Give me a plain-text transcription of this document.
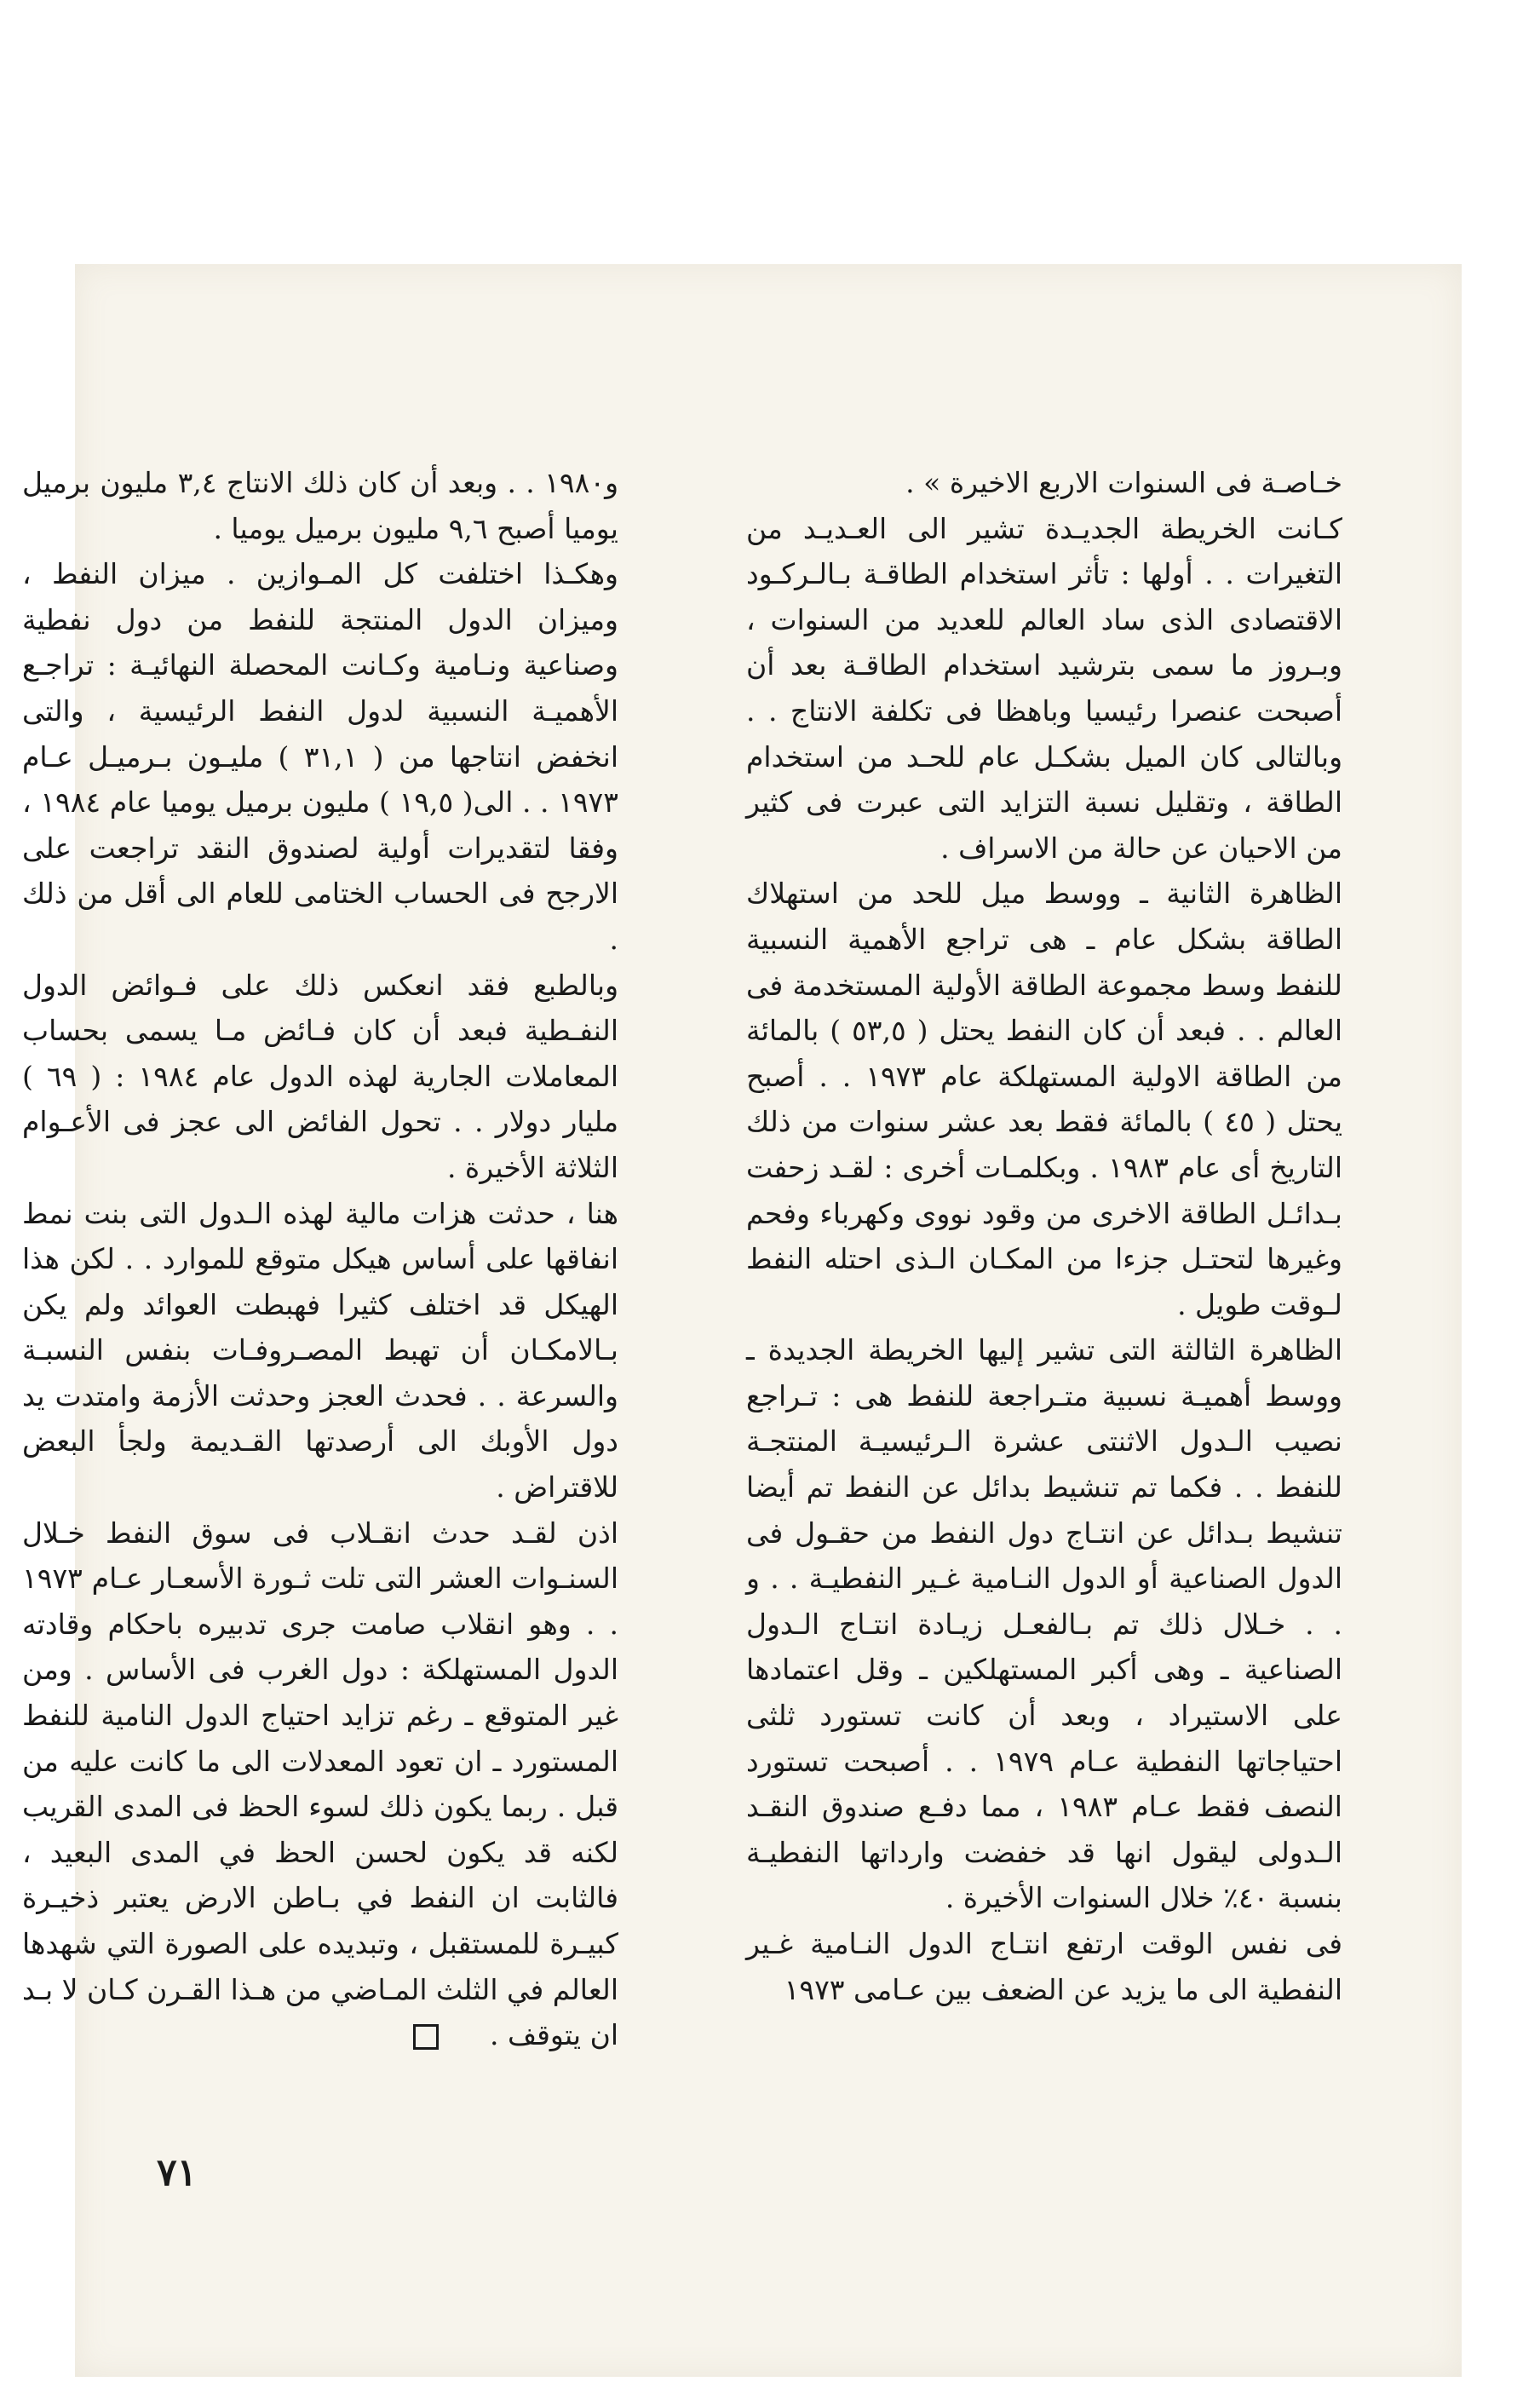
خـاصـة فى السنوات الاربع الاخيرة » .

كـانت الخريطة الجديـدة تشير الى العـديـد من التغيرات . . أولها : تأثر استخدام الطاقـة بـالـركـود الاقتصادى الذى ساد العالم للعديد من السنوات ، وبـروز ما سمى بترشيد استخدام الطاقـة بعد أن أصبحت عنصرا رئيسيا وباهظا فى تكلفة الانتاج . . وبالتالى كان الميل بشكـل عام للحـد من استخدام الطاقة ، وتقليل نسبة التزايد التى عبرت فى كثير من الاحيان عن حالة من الاسراف .

الظاهرة الثانية ـ ووسط ميل للحد من استهلاك الطاقة بشكل عام ـ هى تراجع الأهمية النسبية للنفط وسط مجموعة الطاقة الأولية المستخدمة فى العالم . . فبعد أن كان النفط يحتل ( ٥٣,٥ ) بالمائة من الطاقة الاولية المستهلكة عام ١٩٧٣ . . أصبح يحتل ( ٤٥ ) بالمائة فقط بعد عشر سنوات من ذلك التاريخ أى عام ١٩٨٣ . وبكلمـات أخرى : لقـد زحفت بـدائـل الطاقة الاخرى من وقود نووى وكهرباء وفحم وغيرها لتحتـل جزءا من المكـان الـذى احتله النفط لـوقت طويل .

الظاهرة الثالثة التى تشير إليها الخريطة الجديدة ـ ووسط أهميـة نسبية متـراجعة للنفط هى : تـراجع نصيب الـدول الاثنتى عشرة الـرئيسيـة المنتجـة للنفط . . فكما تم تنشيط بدائل عن النفط تم أيضا تنشيط بـدائل عن انتـاج دول النفط من حقـول فى الدول الصناعية أو الدول النـامية غـير النفطيـة . . و . . خـلال ذلك تم بـالفعـل زيـادة انتـاج الـدول الصناعية ـ وهى أكبر المستهلكين ـ وقل اعتمادها على الاستيراد ، وبعد أن كانت تستورد ثلثى احتياجاتها النفطية عـام ١٩٧٩ . . أصبحت تستورد النصف فقط عـام ١٩٨٣ ، مما دفـع صندوق النقـد الـدولى ليقول انها قد خفضت وارداتها النفطيـة بنسبة ٤٠٪ خلال السنوات الأخيرة .

فى نفس الوقت ارتفع انتـاج الدول النـامية غـير النفطية الى ما يزيد عن الضعف بين عـامى ١٩٧٣

و١٩٨٠ . . وبعد أن كان ذلك الانتاج ٣,٤ مليون برميل يوميا أصبح ٩,٦ مليون برميل يوميا .

وهكـذا اختلفت كل المـوازين . ميزان النفط ، وميزان الدول المنتجة للنفط من دول نفطية وصناعية ونـامية وكـانت المحصلة النهائيـة : تراجـع الأهميـة النسبية لدول النفط الرئيسية ، والتى انخفض انتاجها من ( ٣١,١ ) مليـون بـرميـل عـام ١٩٧٣ . . الى( ١٩,٥ ) مليون برميل يوميا عام ١٩٨٤ ، وفقا لتقديرات أولية لصندوق النقد تراجعت على الارجح فى الحساب الختامى للعام الى أقل من ذلك .

وبالطبع فقد انعكس ذلك على فـوائض الدول النفـطية فبعد أن كان فـائض مـا يسمى بحساب المعاملات الجارية لهذه الدول عام ١٩٨٤ : ( ٦٩ ) مليار دولار . . تحول الفائض الى عجز فى الأعـوام الثلاثة الأخيرة .

هنا ، حدثت هزات مالية لهذه الـدول التى بنت نمط انفاقها على أساس هيكل متوقع للموارد . . لكن هذا الهيكل قد اختلف كثيرا فهبطت العوائد ولم يكن بـالامكـان أن تهبط المصـروفـات بنفس النسبـة والسرعة . . فحدث العجز وحدثت الأزمة وامتدت يد دول الأوبك الى أرصدتها القـديمة ولجأ البعض للاقتراض .

اذن لقـد حدث انقـلاب فى سوق النفط خـلال السنـوات العشر التى تلت ثـورة الأسعـار عـام ١٩٧٣ . . وهو انقلاب صامت جرى تدبيره باحكام وقادته الدول المستهلكة : دول الغرب فى الأساس . ومن غير المتوقع ـ رغم تزايد احتياج الدول النامية للنفط المستورد ـ ان تعود المعدلات الى ما كانت عليه من قبل . ربما يكون ذلك لسوء الحظ فى المدى القريب لكنه قد يكون لحسن الحظ في المدى البعيد ، فالثابت ان النفط في بـاطن الارض يعتبر ذخيـرة كبيـرة للمستقبل ، وتبديده على الصورة التي شهدها العالم في الثلث المـاضي من هـذا القـرن كـان لا بـد ان يتوقف .

٧١
